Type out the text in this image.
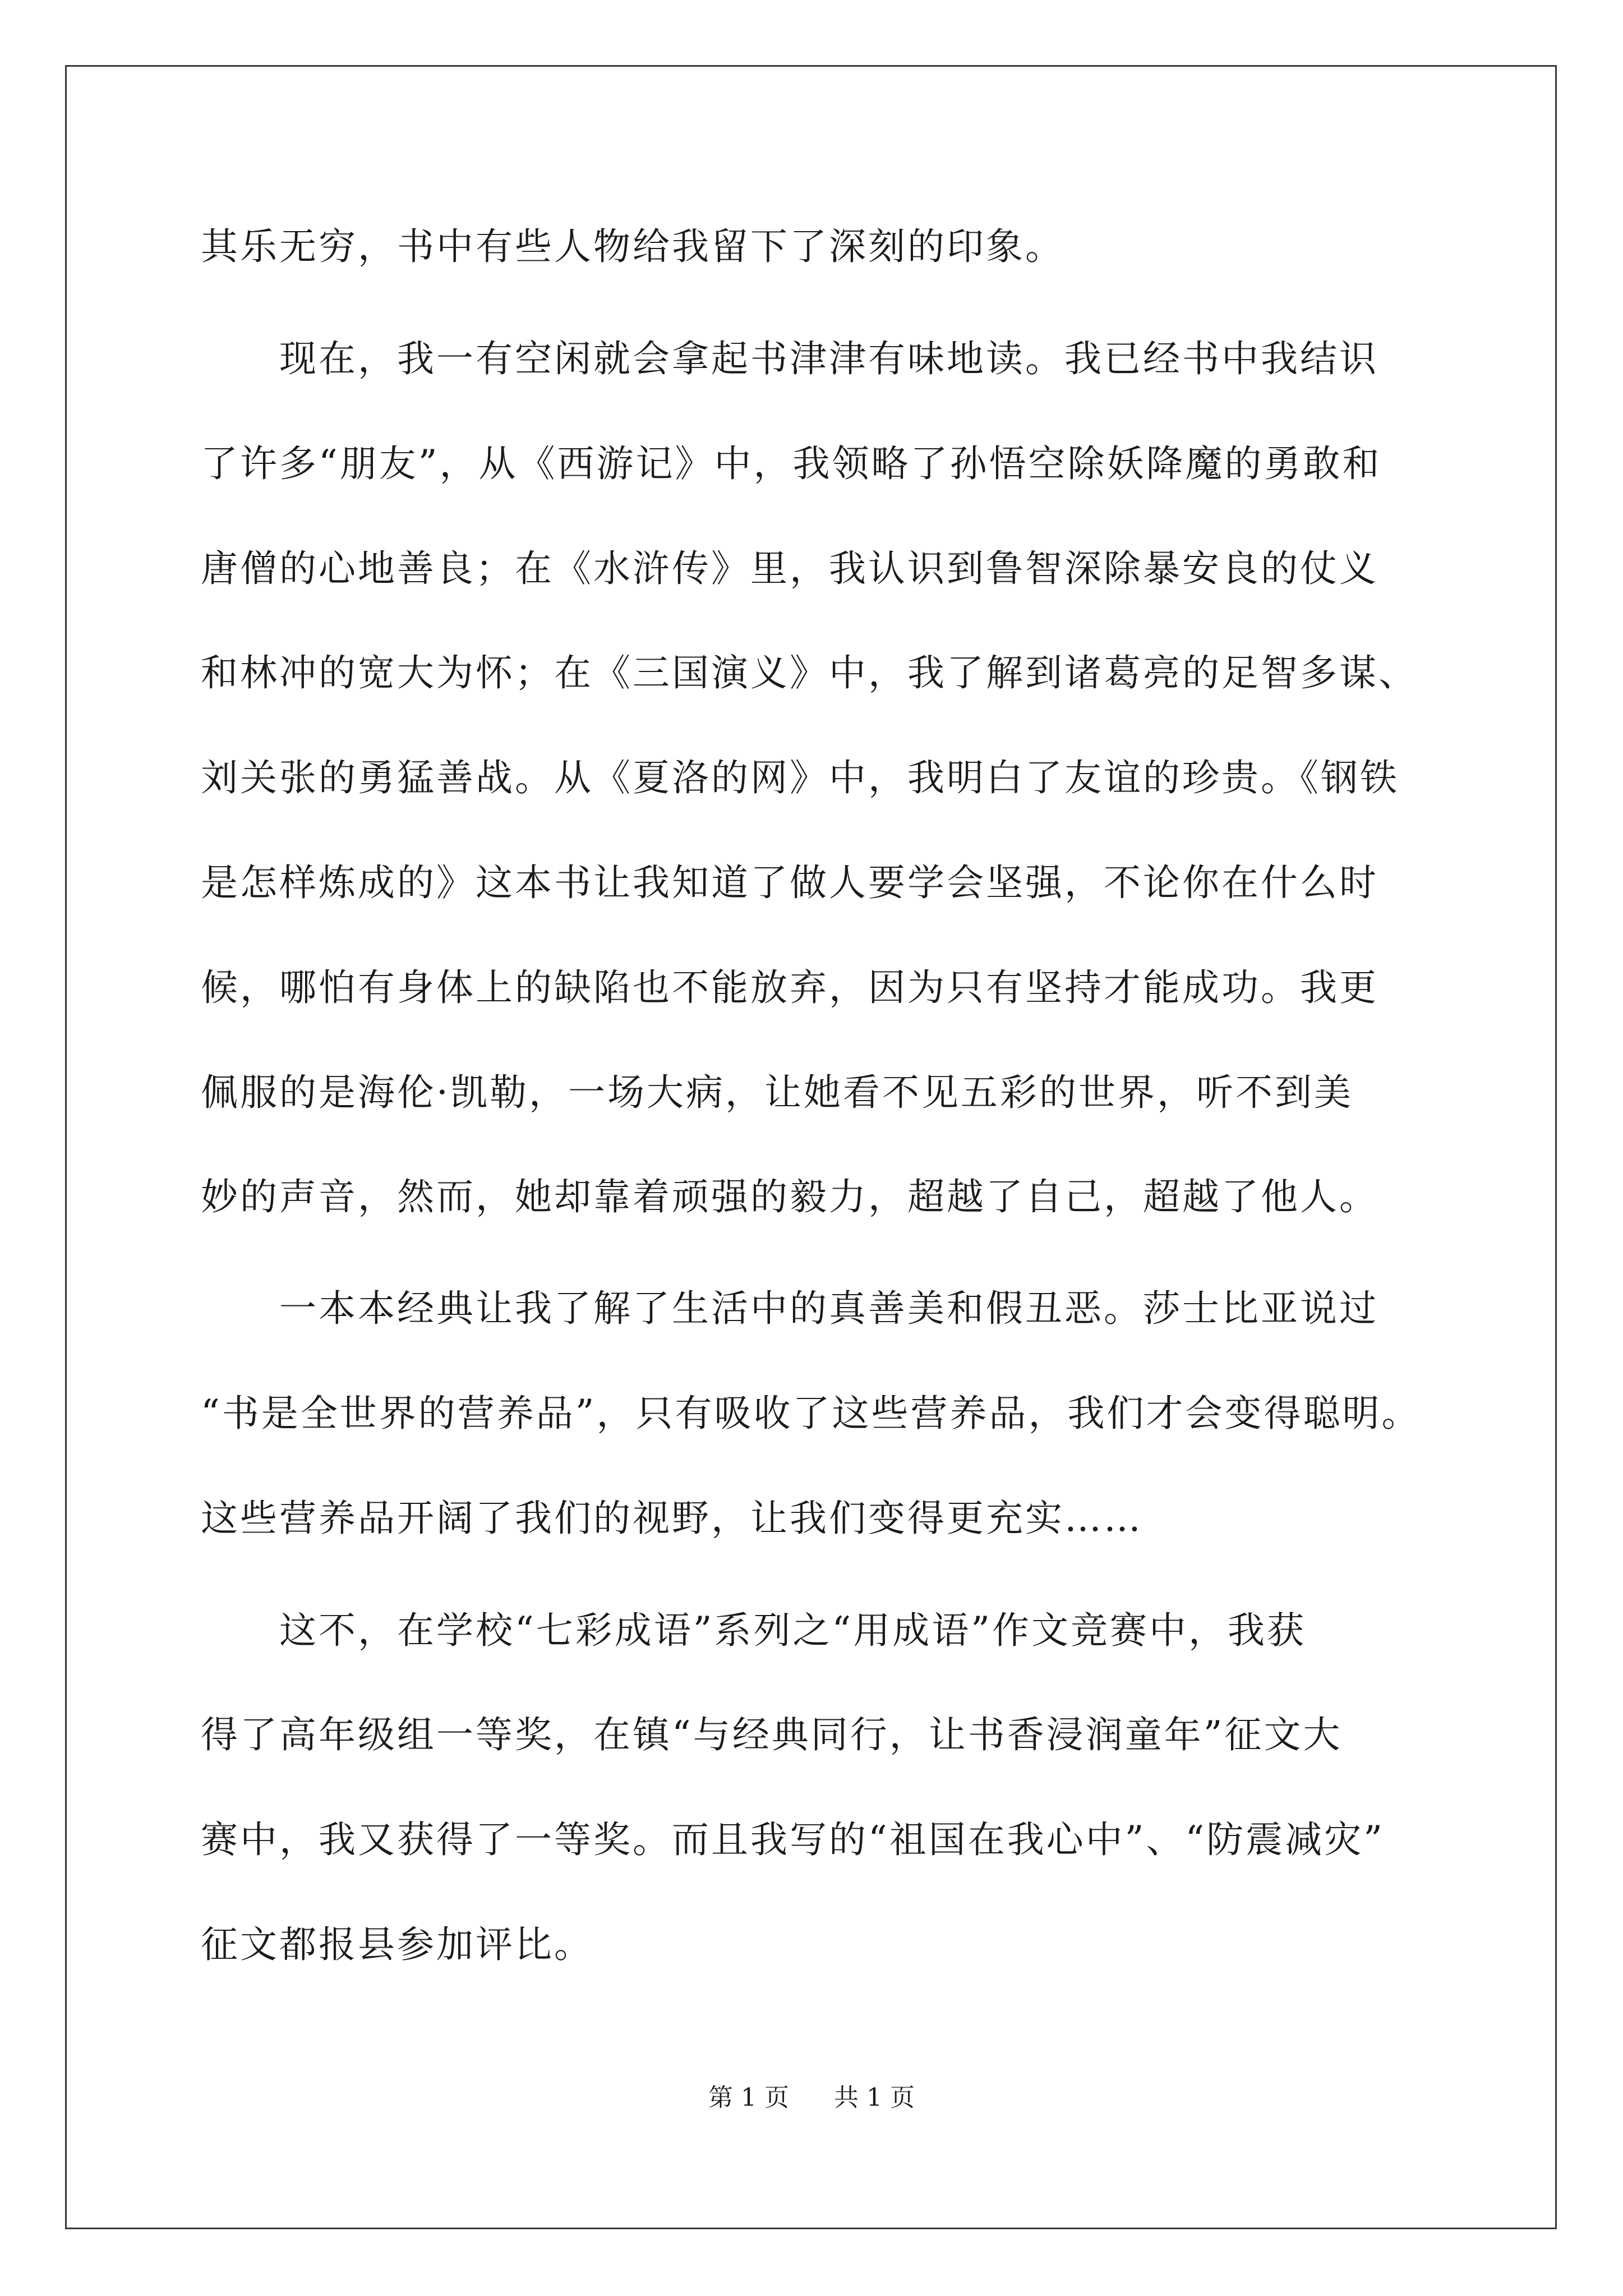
其乐无穷，书中有些人物给我留下了深刻的印象。
现在，我一有空闲就会拿起书津津有味地读。我已经书中我结识
了许多“朋友”，从《西游记》中，我领略了孙悟空除妖降魔的勇敢和
唐僧的心地善良；在《水浒传》里，我认识到鲁智深除暴安良的仗义
和林冲的宽大为怀；在《三国演义》中，我了解到诸葛亮的足智多谋、
刘关张的勇猛善战。从《夏洛的网》中，我明白了友谊的珍贵。《钢铁
是怎样炼成的》这本书让我知道了做人要学会坚强，不论你在什么时
候，哪怕有身体上的缺陷也不能放弃，因为只有坚持才能成功。我更
佩服的是海伦·凯勒，一场大病，让她看不见五彩的世界，听不到美
妙的声音，然而，她却靠着顽强的毅力，超越了自己，超越了他人。
一本本经典让我了解了生活中的真善美和假丑恶。莎士比亚说过
“书是全世界的营养品”，只有吸收了这些营养品，我们才会变得聪明。
这些营养品开阔了我们的视野，让我们变得更充实……
这不，在学校“七彩成语”系列之“用成语”作文竞赛中，我获
得了高年级组一等奖，在镇“与经典同行，让书香浸润童年”征文大
赛中，我又获得了一等奖。而且我写的“祖国在我心中”、“防震减灾”
征文都报县参加评比。
第 1 页 共 1 页
